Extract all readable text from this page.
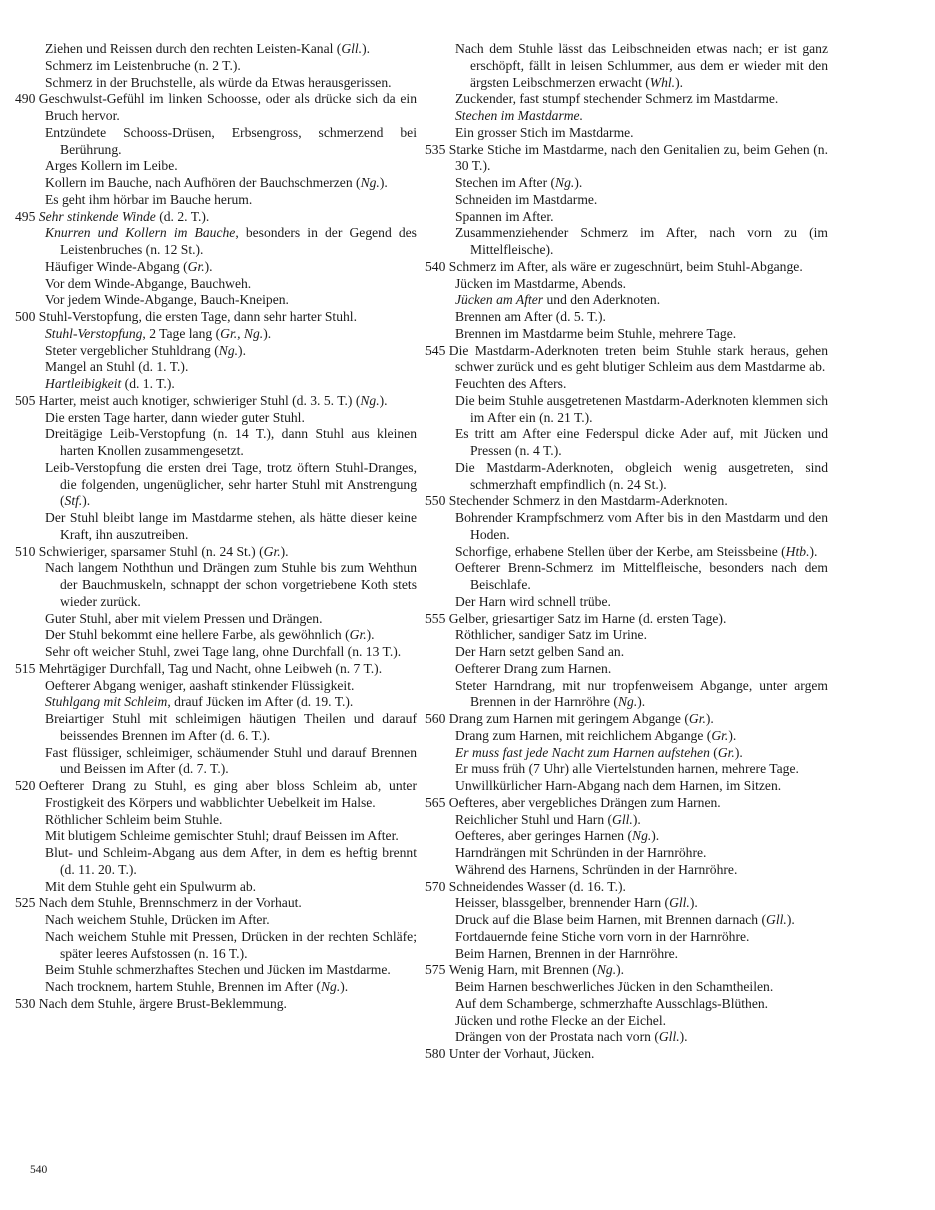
Ziehen und Reissen durch den rechten Leisten-Kanal (Gll.).
Schmerz im Leistenbruche (n. 2 T.).
Schmerz in der Bruchstelle, als würde da Etwas herausgerissen.
490 Geschwulst-Gefühl im linken Schoosse, oder als drücke sich da ein Bruch hervor.
Entzündete Schooss-Drüsen, Erbsengross, schmerzend bei Berührung.
Arges Kollern im Leibe.
Kollern im Bauche, nach Aufhören der Bauchschmerzen (Ng.).
Es geht ihm hörbar im Bauche herum.
495 Sehr stinkende Winde (d. 2. T.).
Knurren und Kollern im Bauche, besonders in der Gegend des Leistenbruches (n. 12 St.).
Häufiger Winde-Abgang (Gr.).
Vor dem Winde-Abgange, Bauchweh.
Vor jedem Winde-Abgange, Bauch-Kneipen.
500 Stuhl-Verstopfung, die ersten Tage, dann sehr harter Stuhl.
Stuhl-Verstopfung, 2 Tage lang (Gr., Ng.).
Steter vergeblicher Stuhldrang (Ng.).
Mangel an Stuhl (d. 1. T.).
Hartleibigkeit (d. 1. T.).
505 Harter, meist auch knotiger, schwieriger Stuhl (d. 3. 5. T.) (Ng.).
Die ersten Tage harter, dann wieder guter Stuhl.
Dreitägige Leib-Verstopfung (n. 14 T.), dann Stuhl aus kleinen harten Knollen zusammengesetzt.
Leib-Verstopfung die ersten drei Tage, trotz öftern Stuhl-Dranges, die folgenden, ungenüglicher, sehr harter Stuhl mit Anstrengung (Stf.).
Der Stuhl bleibt lange im Mastdarme stehen, als hätte dieser keine Kraft, ihn auszutreiben.
510 Schwieriger, sparsamer Stuhl (n. 24 St.) (Gr.).
Nach langem Noththun und Drängen zum Stuhle bis zum Wehthun der Bauchmuskeln, schnappt der schon vorgetriebene Koth stets wieder zurück.
Guter Stuhl, aber mit vielem Pressen und Drängen.
Der Stuhl bekommt eine hellere Farbe, als gewöhnlich (Gr.).
Sehr oft weicher Stuhl, zwei Tage lang, ohne Durchfall (n. 13 T.).
515 Mehrtägiger Durchfall, Tag und Nacht, ohne Leibweh (n. 7 T.).
Oefterer Abgang weniger, aashaft stinkender Flüssigkeit.
Stuhlgang mit Schleim, drauf Jücken im After (d. 19. T.).
Breiartiger Stuhl mit schleimigen häutigen Theilen und darauf beissendes Brennen im After (d. 6. T.).
Fast flüssiger, schleimiger, schäumender Stuhl und darauf Brennen und Beissen im After (d. 7. T.).
520 Oefterer Drang zu Stuhl, es ging aber bloss Schleim ab, unter Frostigkeit des Körpers und wabblichter Uebelkeit im Halse.
Röthlicher Schleim beim Stuhle.
Mit blutigem Schleime gemischter Stuhl; drauf Beissen im After.
Blut- und Schleim-Abgang aus dem After, in dem es heftig brennt (d. 11. 20. T.).
Mit dem Stuhle geht ein Spulwurm ab.
525 Nach dem Stuhle, Brennschmerz in der Vorhaut.
Nach weichem Stuhle, Drücken im After.
Nach weichem Stuhle mit Pressen, Drücken in der rechten Schläfe; später leeres Aufstossen (n. 16 T.).
Beim Stuhle schmerzhaftes Stechen und Jücken im Mastdarme.
Nach trocknem, hartem Stuhle, Brennen im After (Ng.).
530 Nach dem Stuhle, ärgere Brust-Beklemmung.
Nach dem Stuhle lässt das Leibschneiden etwas nach; er ist ganz erschöpft, fällt in leisen Schlummer, aus dem er wieder mit den ärgsten Leibschmerzen erwacht (Whl.).
Zuckender, fast stumpf stechender Schmerz im Mastdarme.
Stechen im Mastdarme.
Ein grosser Stich im Mastdarme.
535 Starke Stiche im Mastdarme, nach den Genitalien zu, beim Gehen (n. 30 T.).
Stechen im After (Ng.).
Schneiden im Mastdarme.
Spannen im After.
Zusammenziehender Schmerz im After, nach vorn zu (im Mittelfleische).
540 Schmerz im After, als wäre er zugeschnürt, beim Stuhl-Abgange.
Jücken im Mastdarme, Abends.
Jücken am After und den Aderknoten.
Brennen am After (d. 5. T.).
Brennen im Mastdarme beim Stuhle, mehrere Tage.
545 Die Mastdarm-Aderknoten treten beim Stuhle stark heraus, gehen schwer zurück und es geht blutiger Schleim aus dem Mastdarme ab.
Feuchten des Afters.
Die beim Stuhle ausgetretenen Mastdarm-Aderknoten klemmen sich im After ein (n. 21 T.).
Es tritt am After eine Federspul dicke Ader auf, mit Jücken und Pressen (n. 4 T.).
Die Mastdarm-Aderknoten, obgleich wenig ausgetreten, sind schmerzhaft empfindlich (n. 24 St.).
550 Stechender Schmerz in den Mastdarm-Aderknoten.
Bohrender Krampfschmerz vom After bis in den Mastdarm und den Hoden.
Schorfige, erhabene Stellen über der Kerbe, am Steissbeine (Htb.).
Oefterer Brenn-Schmerz im Mittelfleische, besonders nach dem Beischlafe.
Der Harn wird schnell trübe.
555 Gelber, griesartiger Satz im Harne (d. ersten Tage).
Röthlicher, sandiger Satz im Urine.
Der Harn setzt gelben Sand an.
Oefterer Drang zum Harnen.
Steter Harndrang, mit nur tropfenweisem Abgange, unter argem Brennen in der Harnröhre (Ng.).
560 Drang zum Harnen mit geringem Abgange (Gr.).
Drang zum Harnen, mit reichlichem Abgange (Gr.).
Er muss fast jede Nacht zum Harnen aufstehen (Gr.).
Er muss früh (7 Uhr) alle Viertelstunden harnen, mehrere Tage.
Unwillkürlicher Harn-Abgang nach dem Harnen, im Sitzen.
565 Oefteres, aber vergebliches Drängen zum Harnen.
Reichlicher Stuhl und Harn (Gll.).
Oefteres, aber geringes Harnen (Ng.).
Harndrängen mit Schründen in der Harnröhre.
Während des Harnens, Schründen in der Harnröhre.
570 Schneidendes Wasser (d. 16. T.).
Heisser, blassgelber, brennender Harn (Gll.).
Druck auf die Blase beim Harnen, mit Brennen darnach (Gll.).
Fortdauernde feine Stiche vorn vorn in der Harnröhre.
Beim Harnen, Brennen in der Harnröhre.
575 Wenig Harn, mit Brennen (Ng.).
Beim Harnen beschwerliches Jücken in den Schamtheilen.
Auf dem Schamberge, schmerzhafte Ausschlags-Blüthen.
Jücken und rothe Flecke an der Eichel.
Drängen von der Prostata nach vorn (Gll.).
580 Unter der Vorhaut, Jücken.
540
